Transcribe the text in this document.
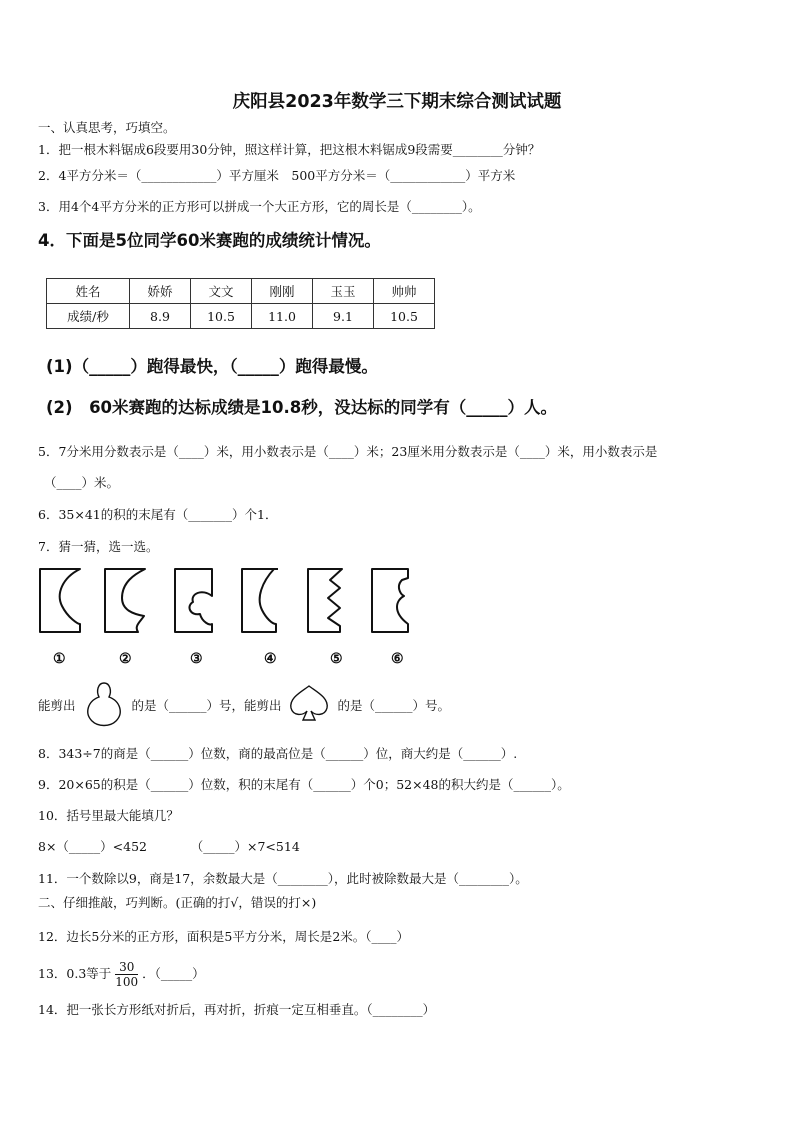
庆阳县2023年数学三下期末综合测试试题
一、认真思考，巧填空。
1．把一根木料锯成6段要用30分钟，照这样计算，把这根木料锯成9段需要________分钟？
2．4平方分米＝（____________）平方厘米　500平方分米＝（____________）平方米
3．用4个4平方分米的正方形可以拼成一个大正方形，它的周长是（________）。
4．下面是5位同学60米赛跑的成绩统计情况。
姓名	娇娇	文文	刚刚	玉玉	帅帅
成绩/秒	8.9	10.5	11.0	9.1	10.5
(1)（_____）跑得最快，（_____）跑得最慢。
(2)　60米赛跑的达标成绩是10.8秒，没达标的同学有（_____）人。
5．7分米用分数表示是（____）米，用小数表示是（____）米；23厘米用分数表示是（____）米，用小数表示是
（____）米。
6．35×41的积的末尾有（_______）个1．
7．猜一猜，选一选。
①	②	③	④	⑤	⑥
能剪出	的是（______）号，能剪出	的是（______）号。
8．343÷7的商是（______）位数，商的最高位是（______）位，商大约是（______）.
9．20×65的积是（______）位数，积的末尾有（______）个0；52×48的积大约是（______）。
10．括号里最大能填几？
8×（_____）<452　　　　（_____）×7<514
11．一个数除以9，商是17，余数最大是（________），此时被除数最大是（________）。
二、仔细推敲，巧判断。(正确的打√，错误的打×)
12．边长5分米的正方形，面积是5平方分米，周长是2米。（____）
13．0.3等于 $\frac{30}{100}$ ．（_____）
14．把一张长方形纸对折后，再对折，折痕一定互相垂直。（________）
